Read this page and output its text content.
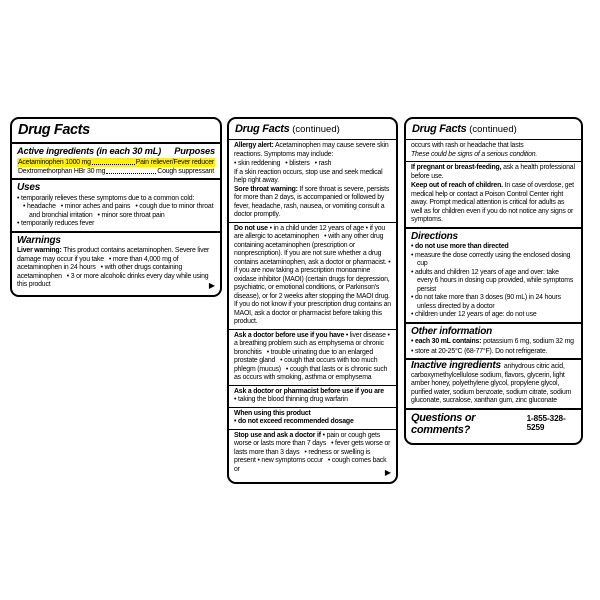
Drug Facts
Active ingredients (in each 30 mL) Purposes
Acetaminophen 1000 mg	Pain reliever/Fever reducer
Dextromethorphan HBr 30 mg	Cough suppressant
Uses
• temporarily relieves these symptoms due to a common cold:
• headache  • minor aches and pains  • cough due to minor throat and bronchial irritation  • minor sore throat pain
• temporarily reduces fever
Warnings

Liver warning: This product contains acetaminophen. Severe liver damage may occur if you take  • more than 4,000 mg of acetaminophen in 24 hours  • with other drugs containing acetaminophen  • 3 or more alcoholic drinks every day while using this product	▶
Drug Facts (continued)

Allergy alert: Acetaminophen may cause severe skin reactions. Symptoms may include:

• skin reddening  • blisters  • rash
If a skin reaction occurs, stop use and seek medical help right away.

Sore throat warning: If sore throat is severe, persists for more than 2 days, is accompanied or followed by fever, headache, rash, nausea, or vomiting consult a doctor promptly.

Do not use • in a child under 12 years of age • if you are allergic to acetaminophen  • with any other drug containing acetaminophen (prescription or nonprescription). If you are not sure whether a drug contains acetaminophen, ask a doctor or pharmacist. • if you are now taking a prescription monoamine oxidase inhibitor (MAOI) (certain drugs for depression, psychiatric, or emotional conditions, or Parkinson's disease), or for 2 weeks after stopping the MAOI drug. If you do not know if your prescription drug contains an MAOI, ask a doctor or pharmacist before taking this product.

Ask a doctor before use if you have • liver disease • a breathing problem such as emphysema or chronic bronchitis  • trouble urinating due to an enlarged prostate gland  • cough that occurs with too much phlegm (mucus)  • cough that lasts or is chronic such as occurs with smoking, asthma or emphysema

Ask a doctor or pharmacist before use if you are
• taking the blood thinning drug warfarin
When using this product
• do not exceed recommended dosage

Stop use and ask a doctor if • pain or cough gets worse or lasts more than 7 days  • fever gets worse or lasts more than 3 days  • redness or swelling is present • new symptoms occur  • cough comes back or	▶
Drug Facts (continued)
occurs with rash or headache that lasts
These could be signs of a serious condition.

If pregnant or breast-feeding, ask a health professional before use.

Keep out of reach of children. In case of overdose, get medical help or contact a Poison Control Center right away. Prompt medical attention is critical for adults as well as for children even if you do not notice any signs or symptoms.

Directions
• do not use more than directed
• measure the dose correctly using the enclosed dosing cup
• adults and children 12 years of age and over: take every 6 hours in dosing cup provided, while symptoms persist
• do not take more than 3 doses (90 mL) in 24 hours unless directed by a doctor
• children under 12 years of age: do not use
Other information

• each 30 mL contains: potassium 6 mg, sodium 32 mg

• store at 20-25°C (68-77°F). Do not refrigerate.

Inactive ingredients anhydrous citric acid, carboxymethylcellulose sodium, flavors, glycerin, light amber honey, polyethylene glycol, propylene glycol, purified water, sodium benzoate, sodium citrate, sodium gluconate, sucralose, xanthan gum, zinc gluconate

Questions or comments?
1-855-328-5259
